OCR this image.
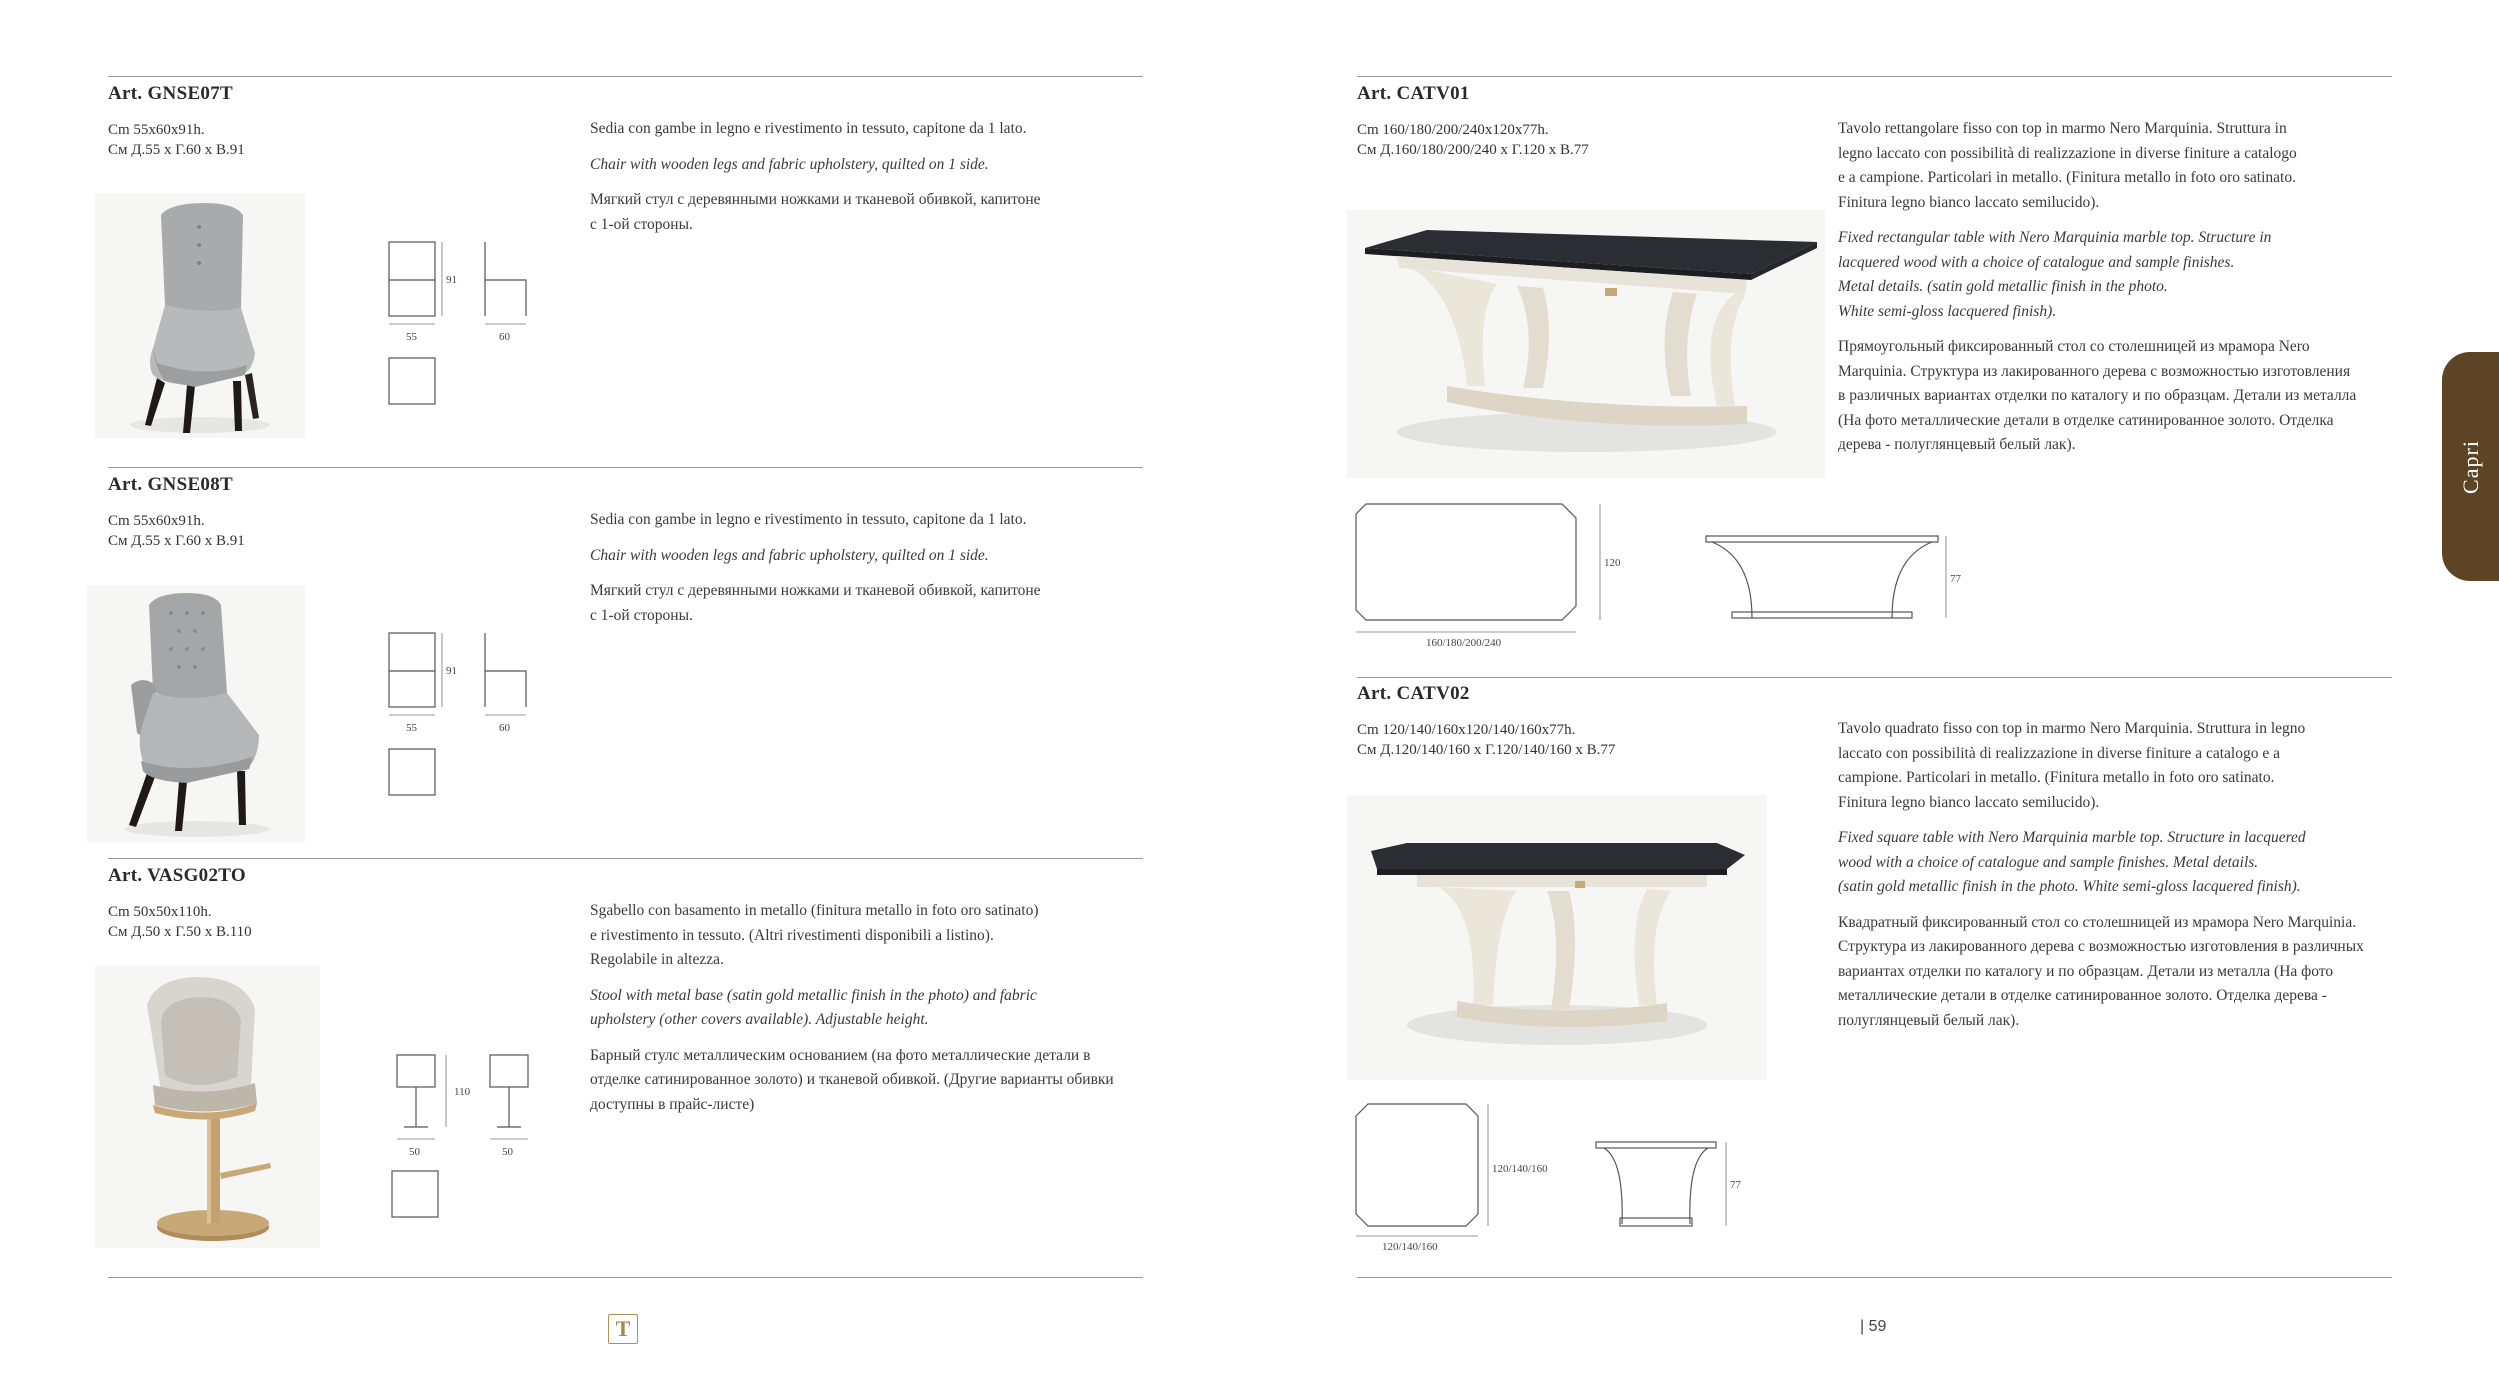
Art. GNSE07T
Cm 55x60x91h.
См Д.55 х Г.60 х В.91
91
55	60

Sedia con gambe in legno e rivestimento in tessuto, capitone da 1 lato.

Chair with wooden legs and fabric upholstery, quilted on 1 side.

Мягкий стул с деревянными ножками и тканевой обивкой, капитоне
с 1-ой стороны.

Art. GNSE08T
Cm 55x60x91h.
См Д.55 х Г.60 х В.91
91
55	60

Sedia con gambe in legno e rivestimento in tessuto, capitone da 1 lato.

Chair with wooden legs and fabric upholstery, quilted on 1 side.

Мягкий стул с деревянными ножками и тканевой обивкой, капитоне
с 1-ой стороны.

Art. VASG02TO
Cm 50x50x110h.
См Д.50 х Г.50 х В.110
110
50	50

Sgabello con basamento in metallo (finitura metallo in foto oro satinato)
e rivestimento in tessuto. (Altri rivestimenti disponibili a listino).
Regolabile in altezza.

Stool with metal base (satin gold metallic finish in the photo) and fabric
upholstery (other covers available). Adjustable height.

Барный стулс металлическим основанием (на фото металлические детали в
отделке сатинированное золото) и тканевой обивкой. (Другие варианты обивки
доступны в прайс-листе)

T
Art. CATV01
Cm 160/180/200/240x120x77h.
См Д.160/180/200/240 х Г.120 х В.77
120
160/180/200/240
77

Tavolo rettangolare fisso con top in marmo Nero Marquinia. Struttura in
legno laccato con possibilità di realizzazione in diverse finiture a catalogo
e a campione. Particolari in metallo. (Finitura metallo in foto oro satinato.
Finitura legno bianco laccato semilucido).

Fixed rectangular table with Nero Marquinia marble top. Structure in
lacquered wood with a choice of catalogue and sample finishes.
Metal details. (satin gold metallic finish in the photo.
White semi-gloss lacquered finish).

Прямоугольный фиксированный стол со столешницей из мрамора Nero
Marquinia. Структура из лакированного дерева с возможностью изготовления
в различных вариантах отделки по каталогу и по образцам. Детали из металла
(На фото металлические детали в отделке сатинированное золото. Отделка
дерева - полуглянцевый белый лак).

Art. CATV02
Cm 120/140/160x120/140/160x77h.
См Д.120/140/160 х Г.120/140/160 х В.77
120/140/160
120/140/160
77

Tavolo quadrato fisso con top in marmo Nero Marquinia. Struttura in legno
laccato con possibilità di realizzazione in diverse finiture a catalogo e a
campione. Particolari in metallo. (Finitura metallo in foto oro satinato.
Finitura legno bianco laccato semilucido).

Fixed square table with Nero Marquinia marble top. Structure in lacquered
wood with a choice of catalogue and sample finishes. Metal details.
(satin gold metallic finish in the photo. White semi-gloss lacquered finish).

Квадратный фиксированный стол со столешницей из мрамора Nero Marquinia.
Структура из лакированного дерева с возможностью изготовления в различных
вариантах отделки по каталогу и по образцам. Детали из металла (На фото
металлические детали в отделке сатинированное золото. Отделка дерева -
полуглянцевый белый лак).

Capri
| 59
